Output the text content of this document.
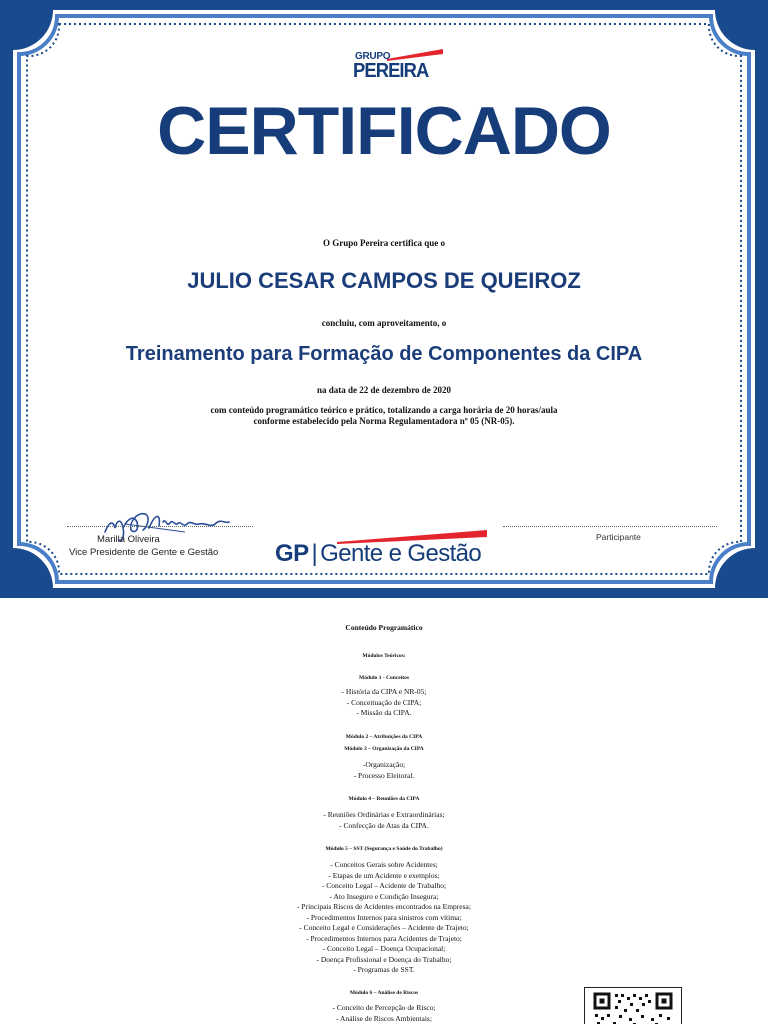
GRUPO
PEREIRA
CERTIFICADO
O Grupo Pereira certifica que o
JULIO CESAR CAMPOS DE QUEIROZ
concluiu, com aproveitamento, o
Treinamento para Formação de Componentes da CIPA
na data de 22 de dezembro de 2020
com conteúdo programático teórico e prático, totalizando a carga horária de 20 horas/aula
conforme estabelecido pela Norma Regulamentadora nº 05 (NR-05).
Marilla Oliveira
Vice Presidente de Gente e Gestão GP | Gente e Gestão
Participante
Conteúdo Programático
Módulos Teóricos:
Módulo 1 - Conceitos
- História da CIPA e NR-05;
- Conceituação de CIPA;
- Missão da CIPA.
Módulo 2 – Atribuições da CIPA
Módulo 3 – Organização da CIPA
-Organização;
- Processo Eleitoral.
Módulo 4 – Reuniões da CIPA
- Reuniões Ordinárias e Extraordinárias;
- Confecção de Atas da CIPA.
Módulo 5 – SST (Segurança e Saúde do Trabalho)
- Conceitos Gerais sobre Acidentes;
- Etapas de um Acidente e exemplos;
- Conceito Legal – Acidente de Trabalho;
- Ato Inseguro e Condição Insegura;
- Principais Riscos de Acidentes encontrados na Empresa;
- Procedimentos Internos para sinistros com vítima;
- Conceito Legal e Considerações – Acidente de Trajeto;
- Procedimentos Internos para Acidentes de Trajeto;
- Conceito Legal – Doença Ocupacional;
- Doença Profissional e Doença do Trabalho;
- Programas de SST.
Módulo 6 – Análise de Riscos
- Conceito de Percepção de Risco;
- Análise de Riscos Ambientais;
